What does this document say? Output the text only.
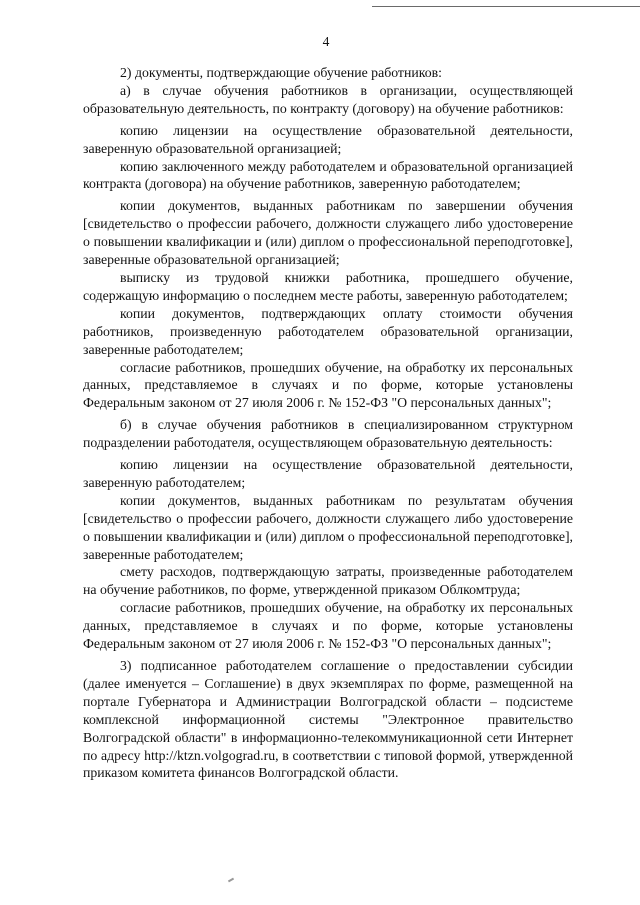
4

2) документы, подтверждающие обучение работников:

а) в случае обучения работников в организации, осуществляющей образовательную деятельность, по контракту (договору) на обучение работников:

копию лицензии на осуществление образовательной деятельности, заверенную образовательной организацией;

копию заключенного между работодателем и образовательной организацией контракта (договора) на обучение работников, заверенную работодателем;

копии документов, выданных работникам по завершении обучения [свидетельство о профессии рабочего, должности служащего либо удостоверение о повышении квалификации и (или) диплом о профессиональной переподготовке], заверенные образовательной организацией;

выписку из трудовой книжки работника, прошедшего обучение, содержащую информацию о последнем месте работы, заверенную работодателем;

копии документов, подтверждающих оплату стоимости обучения работников, произведенную работодателем образовательной организации, заверенные работодателем;

согласие работников, прошедших обучение, на обработку их персональных данных, представляемое в случаях и по форме, которые установлены Федеральным законом от 27 июля 2006 г. № 152-ФЗ "О персональных данных";

б) в случае обучения работников в специализированном структурном подразделении работодателя, осуществляющем образовательную деятельность:

копию лицензии на осуществление образовательной деятельности, заверенную работодателем;

копии документов, выданных работникам по результатам обучения [свидетельство о профессии рабочего, должности служащего либо удостоверение о повышении квалификации и (или) диплом о профессиональной переподготовке], заверенные работодателем;

смету расходов, подтверждающую затраты, произведенные работодателем на обучение работников, по форме, утвержденной приказом Облкомтруда;

согласие работников, прошедших обучение, на обработку их персональных данных, представляемое в случаях и по форме, которые установлены Федеральным законом от 27 июля 2006 г. № 152-ФЗ "О персональных данных";

3) подписанное работодателем соглашение о предоставлении субсидии (далее именуется – Соглашение) в двух экземплярах по форме, размещенной на портале Губернатора и Администрации Волгоградской области – подсистеме комплексной информационной системы "Электронное правительство Волгоградской области" в информационно-телекоммуникационной сети Интернет по адресу http://ktzn.volgograd.ru, в соответствии с типовой формой, утвержденной приказом комитета финансов Волгоградской области.
